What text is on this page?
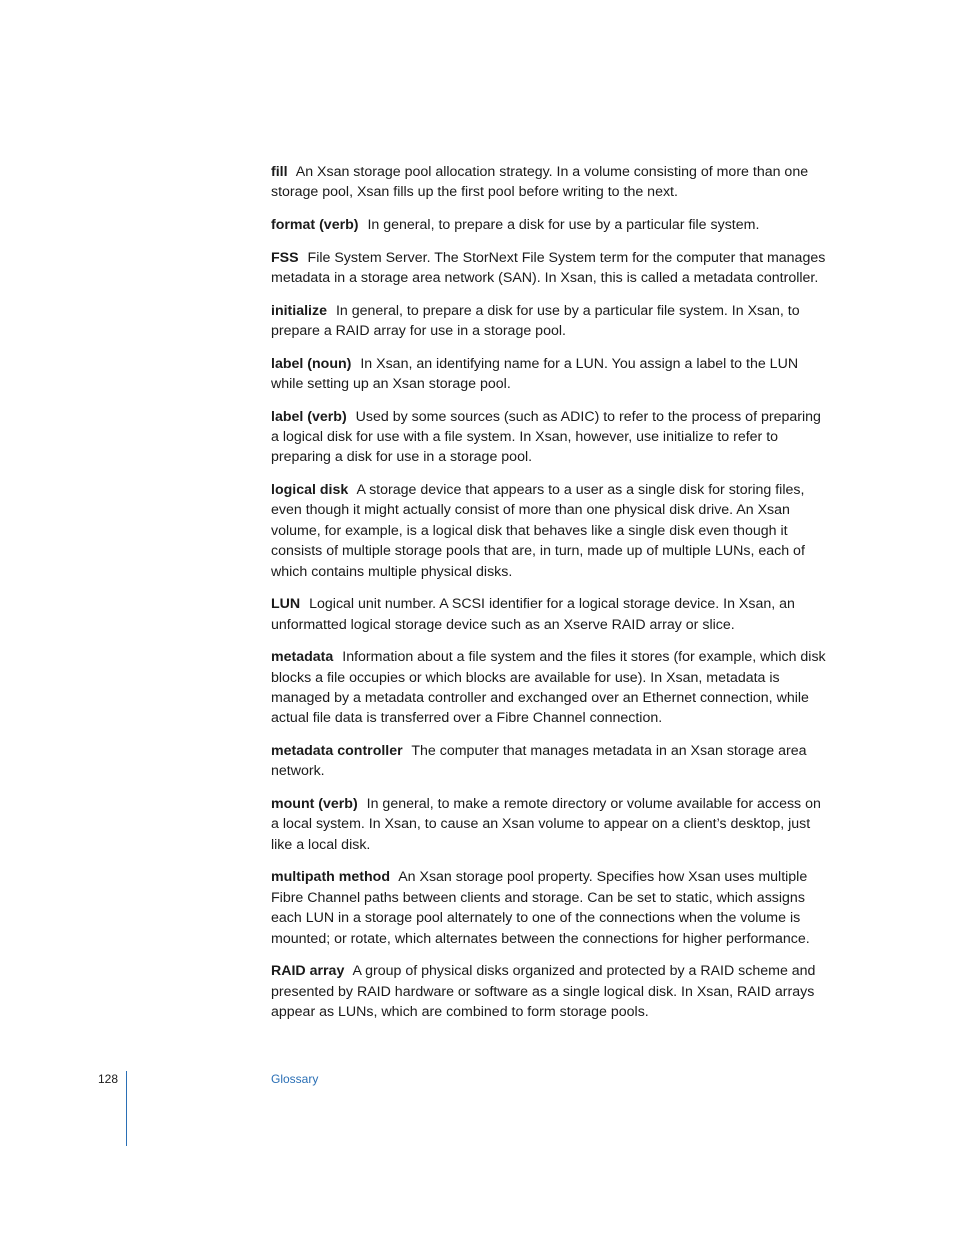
fill An Xsan storage pool allocation strategy. In a volume consisting of more than one storage pool, Xsan fills up the first pool before writing to the next.

format (verb) In general, to prepare a disk for use by a particular file system.

FSS File System Server. The StorNext File System term for the computer that manages metadata in a storage area network (SAN). In Xsan, this is called a metadata controller.

initialize In general, to prepare a disk for use by a particular file system. In Xsan, to prepare a RAID array for use in a storage pool.

label (noun) In Xsan, an identifying name for a LUN. You assign a label to the LUN while setting up an Xsan storage pool.

label (verb) Used by some sources (such as ADIC) to refer to the process of preparing a logical disk for use with a file system. In Xsan, however, use initialize to refer to preparing a disk for use in a storage pool.

logical disk A storage device that appears to a user as a single disk for storing files, even though it might actually consist of more than one physical disk drive. An Xsan volume, for example, is a logical disk that behaves like a single disk even though it consists of multiple storage pools that are, in turn, made up of multiple LUNs, each of which contains multiple physical disks.

LUN Logical unit number. A SCSI identifier for a logical storage device. In Xsan, an unformatted logical storage device such as an Xserve RAID array or slice.

metadata Information about a file system and the files it stores (for example, which disk blocks a file occupies or which blocks are available for use). In Xsan, metadata is managed by a metadata controller and exchanged over an Ethernet connection, while actual file data is transferred over a Fibre Channel connection.

metadata controller The computer that manages metadata in an Xsan storage area network.

mount (verb) In general, to make a remote directory or volume available for access on a local system. In Xsan, to cause an Xsan volume to appear on a client’s desktop, just like a local disk.

multipath method An Xsan storage pool property. Specifies how Xsan uses multiple Fibre Channel paths between clients and storage. Can be set to static, which assigns each LUN in a storage pool alternately to one of the connections when the volume is mounted; or rotate, which alternates between the connections for higher performance.

RAID array A group of physical disks organized and protected by a RAID scheme and presented by RAID hardware or software as a single logical disk. In Xsan, RAID arrays appear as LUNs, which are combined to form storage pools.

128	Glossary
